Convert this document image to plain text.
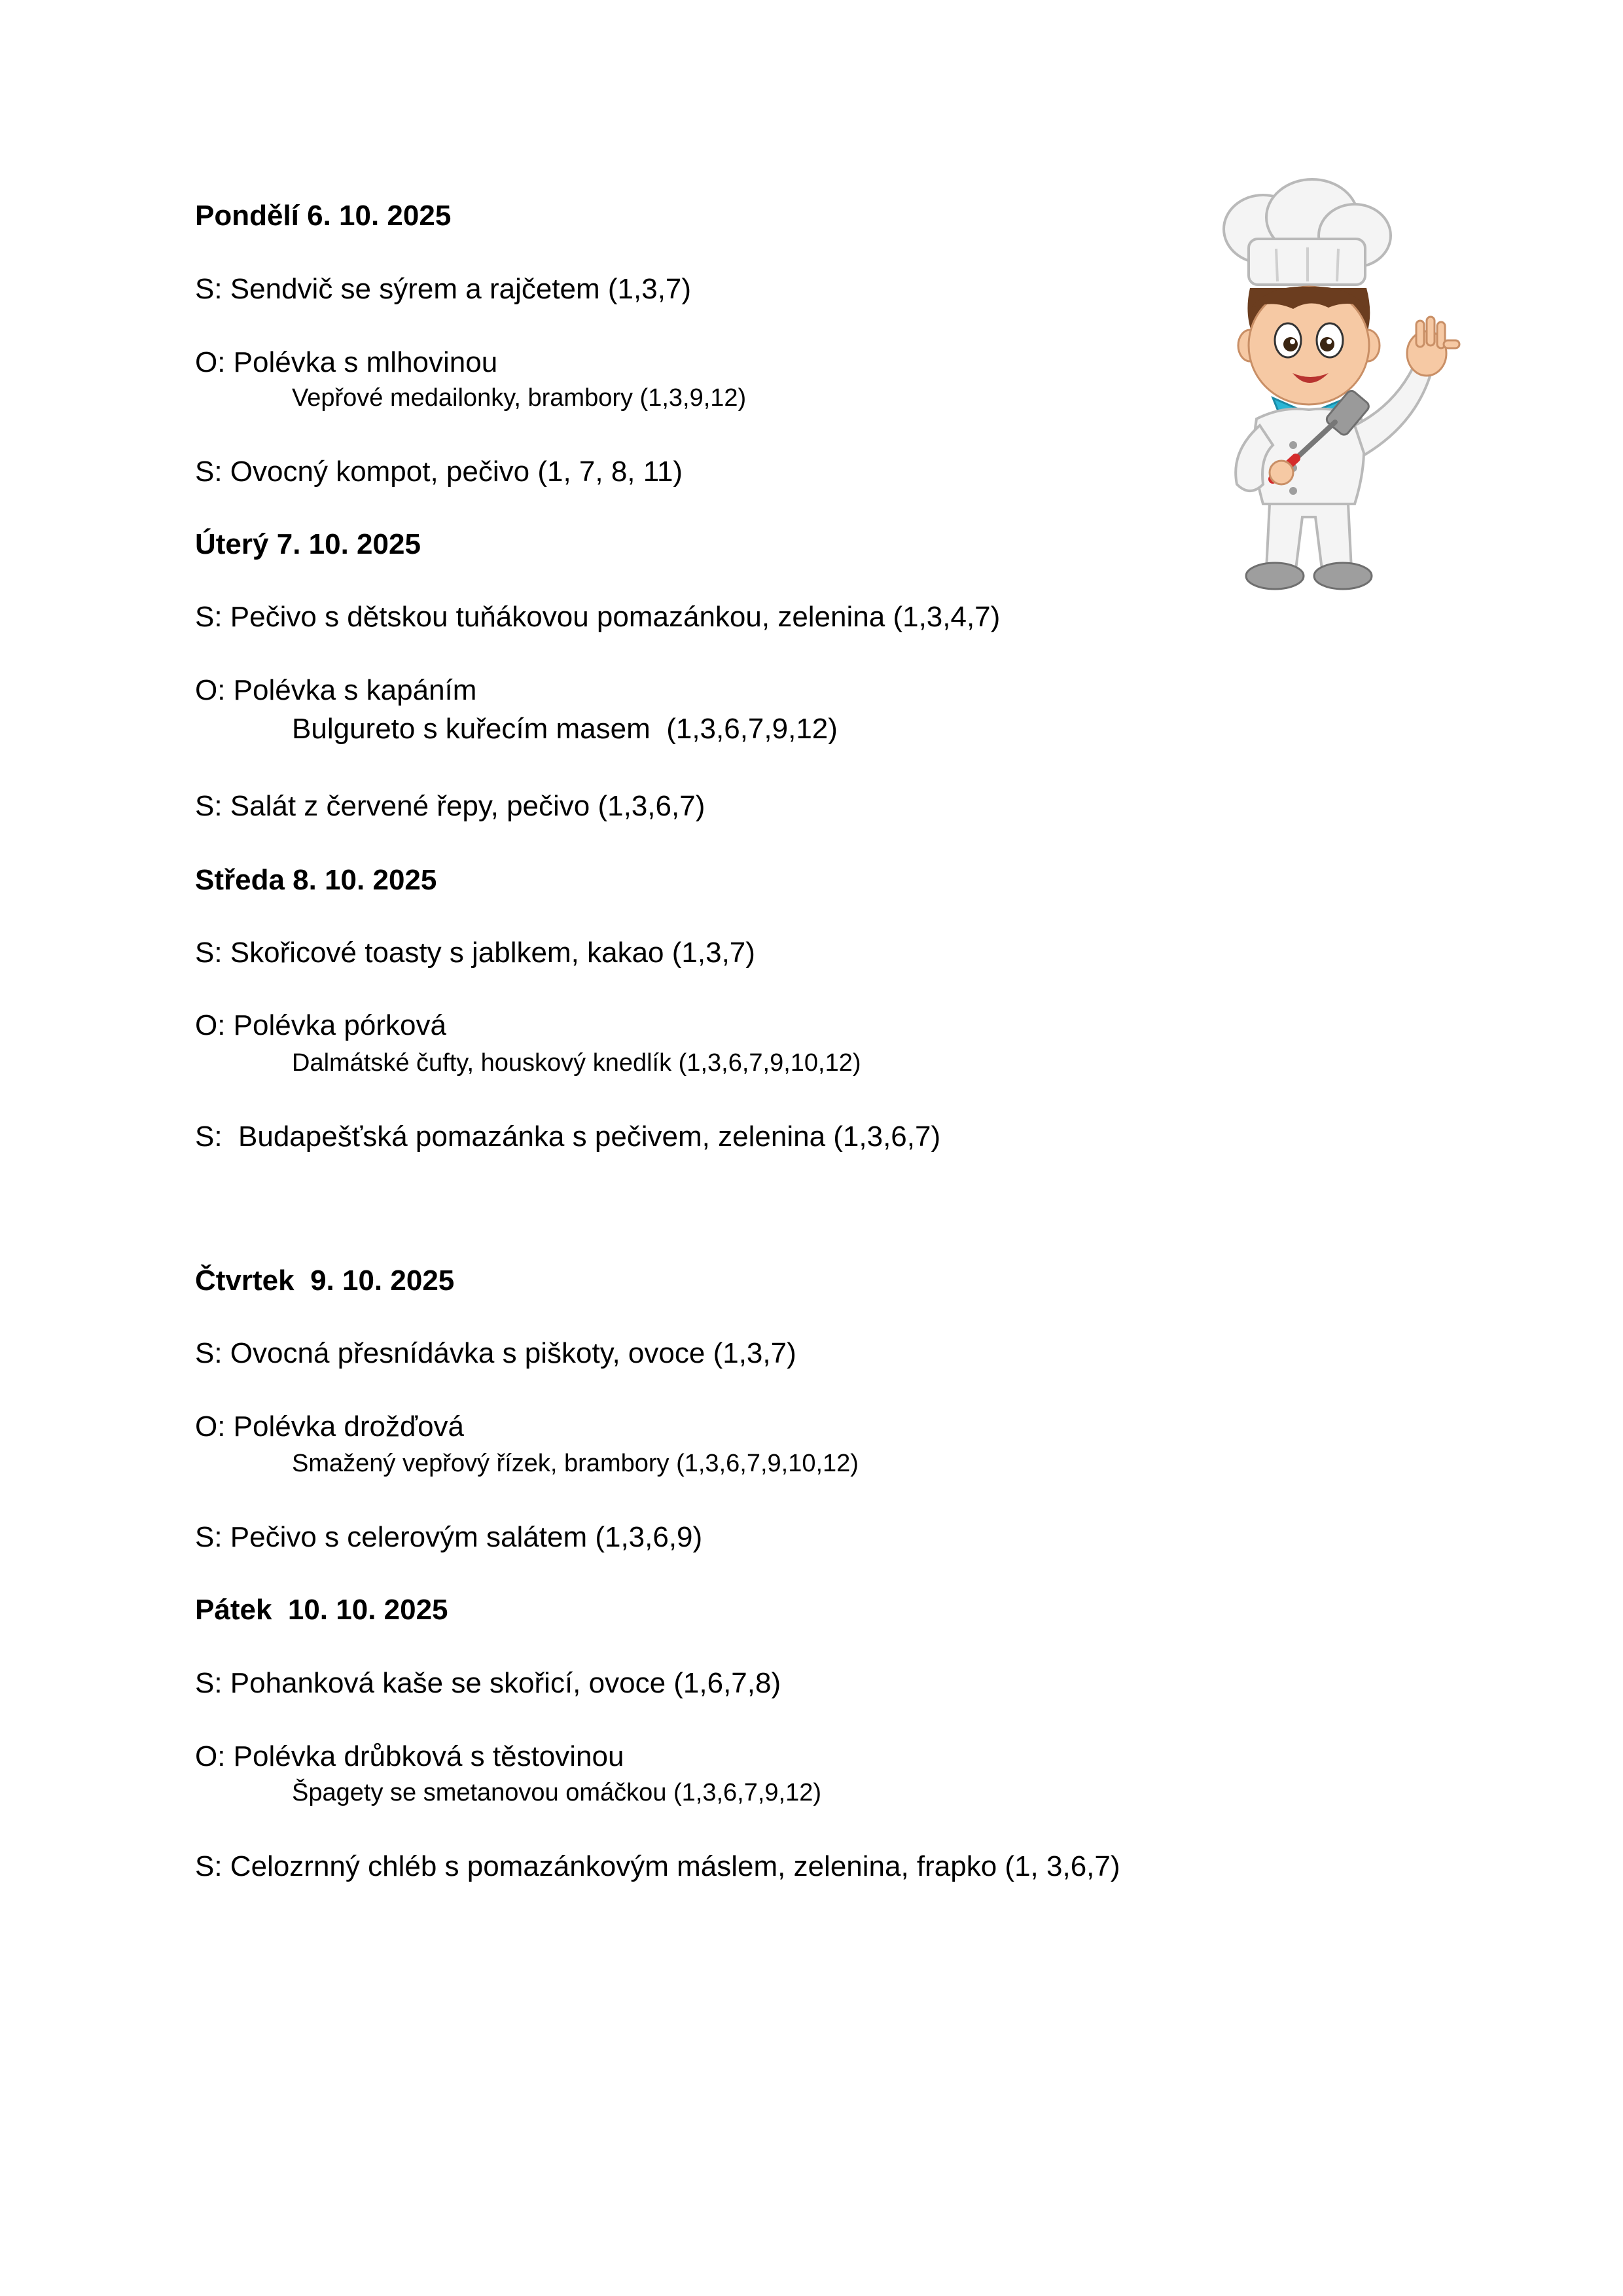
Pondělí 6. 10. 2025
S: Sendvič se sýrem a rajčetem (1,3,7)
O: Polévka s mlhovinou
Vepřové medailonky, brambory (1,3,9,12)
S: Ovocný kompot, pečivo (1, 7, 8, 11)
Úterý 7. 10. 2025
S: Pečivo s dětskou tuňákovou pomazánkou, zelenina (1,3,4,7)
O: Polévka s kapáním
Bulgureto s kuřecím masem  (1,3,6,7,9,12)
S: Salát z červené řepy, pečivo (1,3,6,7)
Středa 8. 10. 2025
S: Skořicové toasty s jablkem, kakao (1,3,7)
O: Polévka pórková
Dalmátské čufty, houskový knedlík (1,3,6,7,9,10,12)
S:  Budapešťská pomazánka s pečivem, zelenina (1,3,6,7)
Čtvrtek  9. 10. 2025
S: Ovocná přesnídávka s piškoty, ovoce (1,3,7)
O: Polévka drožďová
Smažený vepřový řízek, brambory (1,3,6,7,9,10,12)
S: Pečivo s celerovým salátem (1,3,6,9)
Pátek  10. 10. 2025
S: Pohanková kaše se skořicí, ovoce (1,6,7,8)
O: Polévka drůbková s těstovinou
Špagety se smetanovou omáčkou (1,3,6,7,9,12)
S: Celozrnný chléb s pomazánkovým máslem, zelenina, frapko (1, 3,6,7)
